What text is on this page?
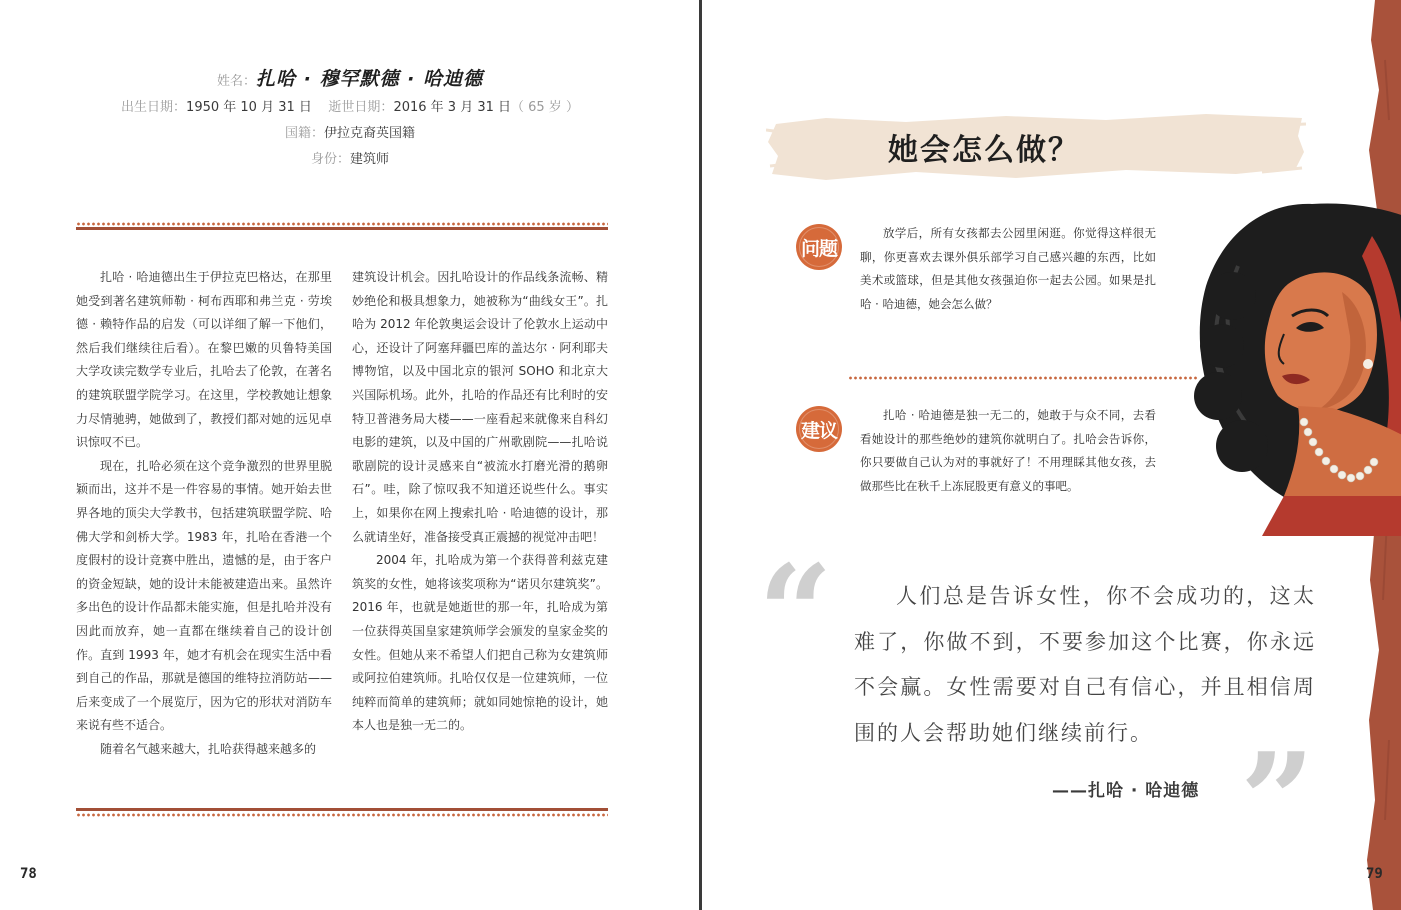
姓名：扎哈 · 穆罕默德 · 哈迪德
出生日期：1950 年 10 月 31 日 逝世日期：2016 年 3 月 31 日（ 65 岁 ）
国籍：伊拉克裔英国籍
身份：建筑师

扎哈 · 哈迪德出生于伊拉克巴格达，在那里她受到著名建筑师勒 · 柯布西耶和弗兰克 · 劳埃德 · 赖特作品的启发（可以详细了解一下他们，然后我们继续往后看）。在黎巴嫩的贝鲁特美国大学攻读完数学专业后，扎哈去了伦敦，在著名的建筑联盟学院学习。在这里，学校教她让想象力尽情驰骋，她做到了，教授们都对她的远见卓识惊叹不已。

现在，扎哈必须在这个竞争激烈的世界里脱颖而出，这并不是一件容易的事情。她开始去世界各地的顶尖大学教书，包括建筑联盟学院、哈佛大学和剑桥大学。1983 年，扎哈在香港一个度假村的设计竞赛中胜出，遗憾的是，由于客户的资金短缺，她的设计未能被建造出来。虽然许多出色的设计作品都未能实施，但是扎哈并没有因此而放弃，她一直都在继续着自己的设计创作。直到 1993 年，她才有机会在现实生活中看到自己的作品，那就是德国的维特拉消防站——后来变成了一个展览厅，因为它的形状对消防车来说有些不适合。

随着名气越来越大，扎哈获得越来越多的

建筑设计机会。因扎哈设计的作品线条流畅、精妙绝伦和极具想象力，她被称为“曲线女王”。扎哈为 2012 年伦敦奥运会设计了伦敦水上运动中心，还设计了阿塞拜疆巴库的盖达尔 · 阿利耶夫博物馆，以及中国北京的银河 SOHO 和北京大兴国际机场。此外，扎哈的作品还有比利时的安特卫普港务局大楼——一座看起来就像来自科幻电影的建筑，以及中国的广州歌剧院——扎哈说歌剧院的设计灵感来自“被流水打磨光滑的鹅卵石”。哇，除了惊叹我不知道还说些什么。事实上，如果你在网上搜索扎哈 · 哈迪德的设计，那么就请坐好，准备接受真正震撼的视觉冲击吧！

2004 年，扎哈成为第一个获得普利兹克建筑奖的女性，她将该奖项称为“诺贝尔建筑奖”。2016 年，也就是她逝世的那一年，扎哈成为第一位获得英国皇家建筑师学会颁发的皇家金奖的女性。但她从来不希望人们把自己称为女建筑师或阿拉伯建筑师。扎哈仅仅是一位建筑师，一位纯粹而简单的建筑师；就如同她惊艳的设计，她本人也是独一无二的。

78
她会怎么做？
问题

放学后，所有女孩都去公园里闲逛。你觉得这样很无聊，你更喜欢去课外俱乐部学习自己感兴趣的东西，比如美术或篮球，但是其他女孩强迫你一起去公园。如果是扎哈 · 哈迪德，她会怎么做？

建议

扎哈 · 哈迪德是独一无二的，她敢于与众不同，去看看她设计的那些绝妙的建筑你就明白了。扎哈会告诉你，你只要做自己认为对的事就好了！不用理睬其他女孩，去做那些比在秋千上冻屁股更有意义的事吧。

“	人们总是告诉女性，你不会成功的，这太难了，你做不到，不要参加这个比赛，你永远不会赢。女性需要对自己有信心，并且相信周围的人会帮助她们继续前行。

——扎哈 · 哈迪德 ”	79
